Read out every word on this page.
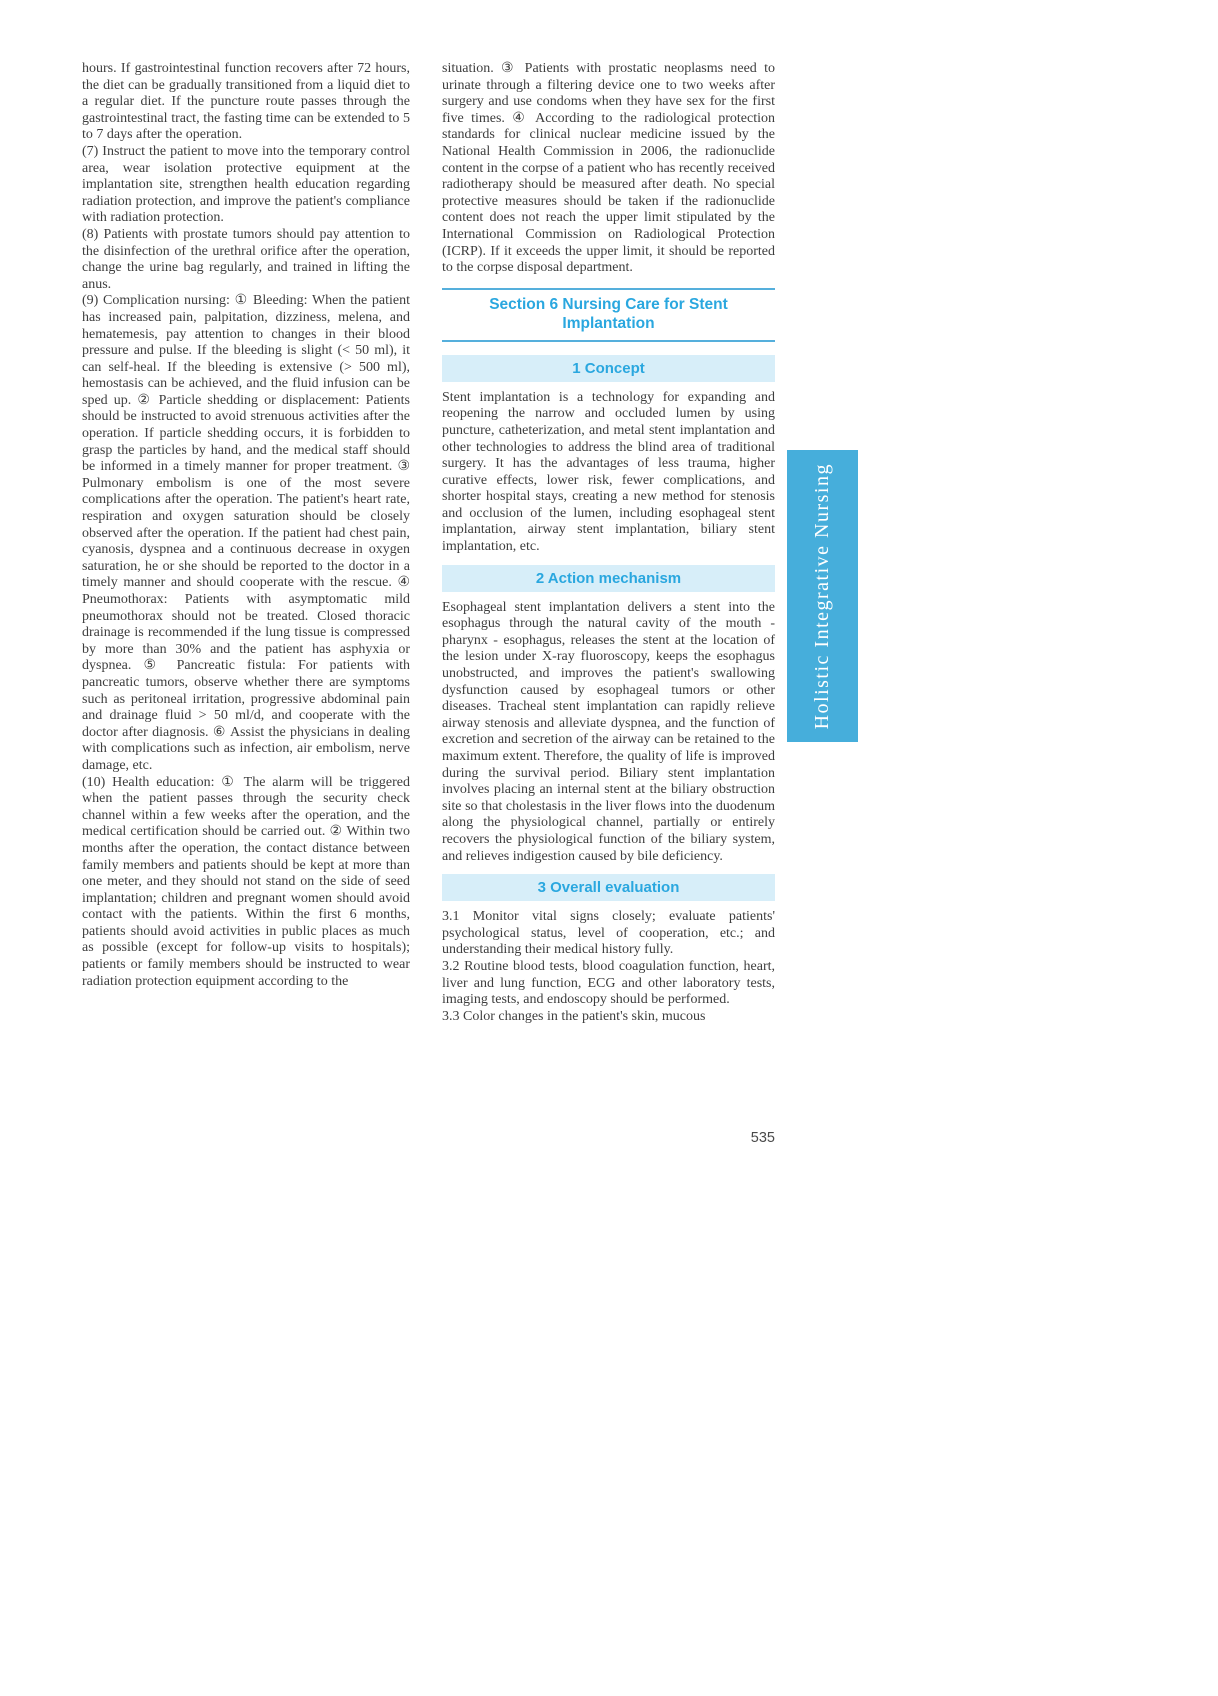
hours. If gastrointestinal function recovers after 72 hours, the diet can be gradually transitioned from a liquid diet to a regular diet. If the puncture route passes through the gastrointestinal tract, the fasting time can be extended to 5 to 7 days after the operation.

(7) Instruct the patient to move into the temporary control area, wear isolation protective equipment at the implantation site, strengthen health education regarding radiation protection, and improve the patient's compliance with radiation protection.

(8) Patients with prostate tumors should pay attention to the disinfection of the urethral orifice after the operation, change the urine bag regularly, and trained in lifting the anus.

(9) Complication nursing: ① Bleeding: When the patient has increased pain, palpitation, dizziness, melena, and hematemesis, pay attention to changes in their blood pressure and pulse. If the bleeding is slight (< 50 ml), it can self-heal. If the bleeding is extensive (> 500 ml), hemostasis can be achieved, and the fluid infusion can be sped up. ② Particle shedding or displacement: Patients should be instructed to avoid strenuous activities after the operation. If particle shedding occurs, it is forbidden to grasp the particles by hand, and the medical staff should be informed in a timely manner for proper treatment. ③ Pulmonary embolism is one of the most severe complications after the operation. The patient's heart rate, respiration and oxygen saturation should be closely observed after the operation. If the patient had chest pain, cyanosis, dyspnea and a continuous decrease in oxygen saturation, he or she should be reported to the doctor in a timely manner and should cooperate with the rescue. ④ Pneumothorax: Patients with asymptomatic mild pneumothorax should not be treated. Closed thoracic drainage is recommended if the lung tissue is compressed by more than 30% and the patient has asphyxia or dyspnea. ⑤ Pancreatic fistula: For patients with pancreatic tumors, observe whether there are symptoms such as peritoneal irritation, progressive abdominal pain and drainage fluid > 50 ml/d, and cooperate with the doctor after diagnosis. ⑥ Assist the physicians in dealing with complications such as infection, air embolism, nerve damage, etc.

(10) Health education: ① The alarm will be triggered when the patient passes through the security check channel within a few weeks after the operation, and the medical certification should be carried out. ② Within two months after the operation, the contact distance between family members and patients should be kept at more than one meter, and they should not stand on the side of seed implantation; children and pregnant women should avoid contact with the patients. Within the first 6 months, patients should avoid activities in public places as much as possible (except for follow-up visits to hospitals); patients or family members should be instructed to wear radiation protection equipment according to the

situation. ③ Patients with prostatic neoplasms need to urinate through a filtering device one to two weeks after surgery and use condoms when they have sex for the first five times. ④ According to the radiological protection standards for clinical nuclear medicine issued by the National Health Commission in 2006, the radionuclide content in the corpse of a patient who has recently received radiotherapy should be measured after death. No special protective measures should be taken if the radionuclide content does not reach the upper limit stipulated by the International Commission on Radiological Protection (ICRP). If it exceeds the upper limit, it should be reported to the corpse disposal department.

Section 6 Nursing Care for Stent
Implantation
1 Concept

Stent implantation is a technology for expanding and reopening the narrow and occluded lumen by using puncture, catheterization, and metal stent implantation and other technologies to address the blind area of traditional surgery. It has the advantages of less trauma, higher curative effects, lower risk, fewer complications, and shorter hospital stays, creating a new method for stenosis and occlusion of the lumen, including esophageal stent implantation, airway stent implantation, biliary stent implantation, etc.

2 Action mechanism

Esophageal stent implantation delivers a stent into the esophagus through the natural cavity of the mouth - pharynx - esophagus, releases the stent at the location of the lesion under X-ray fluoroscopy, keeps the esophagus unobstructed, and improves the patient's swallowing dysfunction caused by esophageal tumors or other diseases. Tracheal stent implantation can rapidly relieve airway stenosis and alleviate dyspnea, and the function of excretion and secretion of the airway can be retained to the maximum extent. Therefore, the quality of life is improved during the survival period. Biliary stent implantation involves placing an internal stent at the biliary obstruction site so that cholestasis in the liver flows into the duodenum along the physiological channel, partially or entirely recovers the physiological function of the biliary system, and relieves indigestion caused by bile deficiency.

3 Overall evaluation

3.1 Monitor vital signs closely; evaluate patients' psychological status, level of cooperation, etc.; and understanding their medical history fully.

3.2 Routine blood tests, blood coagulation function, heart, liver and lung function, ECG and other laboratory tests, imaging tests, and endoscopy should be performed.

3.3 Color changes in the patient's skin, mucous

Holistic Integrative Nursing
535
